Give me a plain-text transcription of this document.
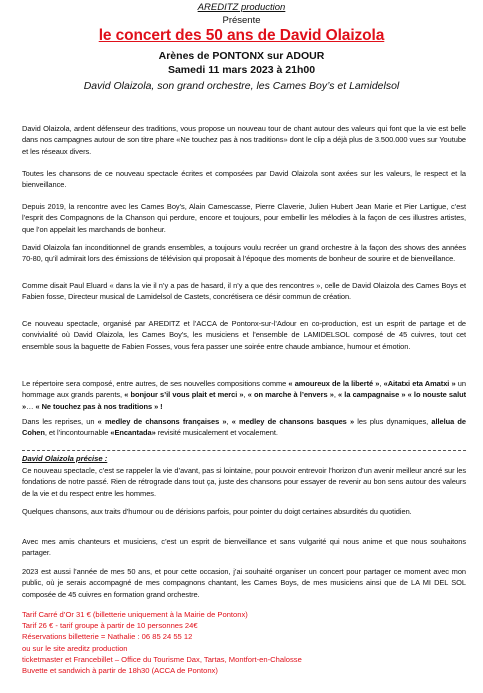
AREDITZ production

Présente

le concert des 50 ans de David Olaizola

Arènes de PONTONX sur ADOUR

Samedi 11 mars 2023 à 21h00

David Olaizola, son grand orchestre, les Cames Boy’s et Lamidelsol

David Olaizola, ardent défenseur des traditions, vous propose un nouveau tour de chant autour des valeurs qui font que la vie est belle dans nos campagnes autour de son titre phare «Ne touchez pas à nos traditions» dont le clip a déjà plus de 3.500.000 vues sur Youtube et les réseaux divers.

Toutes les chansons de ce nouveau spectacle écrites et composées par David Olaizola sont axées sur les valeurs, le respect et la bienveillance.

Depuis 2019, la rencontre avec les Cames Boy’s, Alain Camescasse, Pierre Claverie, Julien Hubert Jean Marie et Pier Lartigue, c’est l’esprit des Compagnons de la Chanson qui perdure, encore et toujours, pour embellir les mélodies à la façon de ces illustres artistes, que l’on appelait les marchands de bonheur.

David Olaizola fan inconditionnel de grands ensembles, a toujours voulu recréer un grand orchestre à la façon des shows des années 70-80, qu’il admirait lors des émissions de télévision qui proposait à l’époque des moments de bonheur de sourire et de bienveillance.

Comme disait Paul Eluard « dans la vie il n’y a pas de hasard, il n’y a que des rencontres », celle de David Olaizola des Cames Boys et Fabien fosse, Directeur musical de Lamidelsol de Castets, concrétisera ce désir commun de création.

Ce nouveau spectacle, organisé par AREDITZ et l’ACCA de Pontonx-sur-l’Adour en co-production, est un esprit de partage et de convivialité où David Olaizola, les Cames Boy’s, les musiciens et l’ensemble de LAMIDELSOL composé de 45 cuivres, tout cet ensemble sous la baguette de Fabien Fosses, vous fera passer une soirée entre chaude ambiance, humour et émotion.

Le répertoire sera composé, entre autres, de ses nouvelles compositions comme « amoureux de la liberté », «Aitatxi eta Amatxi » un hommage aux grands parents, « bonjour s’il vous plait et merci », « on marche à l’envers », « la campagnaise » « lo nouste salut »… « Ne touchez pas à nos traditions » !

Dans les reprises, un « medley de chansons françaises », « medley de chansons basques » les plus dynamiques, allelua de Cohen, et l’incontournable «Encantada» revisité musicalement et vocalement.

David Olaizola précise :

Ce nouveau spectacle, c’est se rappeler la vie d’avant, pas si lointaine, pour pouvoir entrevoir l’horizon d’un avenir meilleur ancré sur les fondations de notre passé. Rien de rétrograde dans tout ça, juste des chansons pour essayer de revenir au bon sens autour des valeurs de la vie et du respect entre les hommes.

Quelques chansons, aux traits d’humour ou de dérisions parfois, pour pointer du doigt certaines absurdités du quotidien.

Avec mes amis chanteurs et musiciens, c’est un esprit de bienveillance et sans vulgarité qui nous anime et que nous souhaitons partager.

2023 est aussi l’année de mes 50 ans, et pour cette occasion, j’ai souhaité organiser un concert pour partager ce moment avec mon public, où je serais accompagné de mes compagnons chantant, les Cames Boys, de mes musiciens ainsi que de LA MI DEL SOL composée de 45 cuivres en formation grand orchestre.

Tarif Carré d’Or 31 € (billetterie uniquement à la Mairie de Pontonx)
Tarif 26 € - tarif groupe à partir de 10 personnes 24€
Réservations billetterie = Nathalie : 06 85 24 55 12
ou sur le site areditz production
ticketmaster et Francebillet – Office du Tourisme Dax, Tartas, Montfort-en-Chalosse
Buvette et sandwich à partir de 18h30 (ACCA de Pontonx)
